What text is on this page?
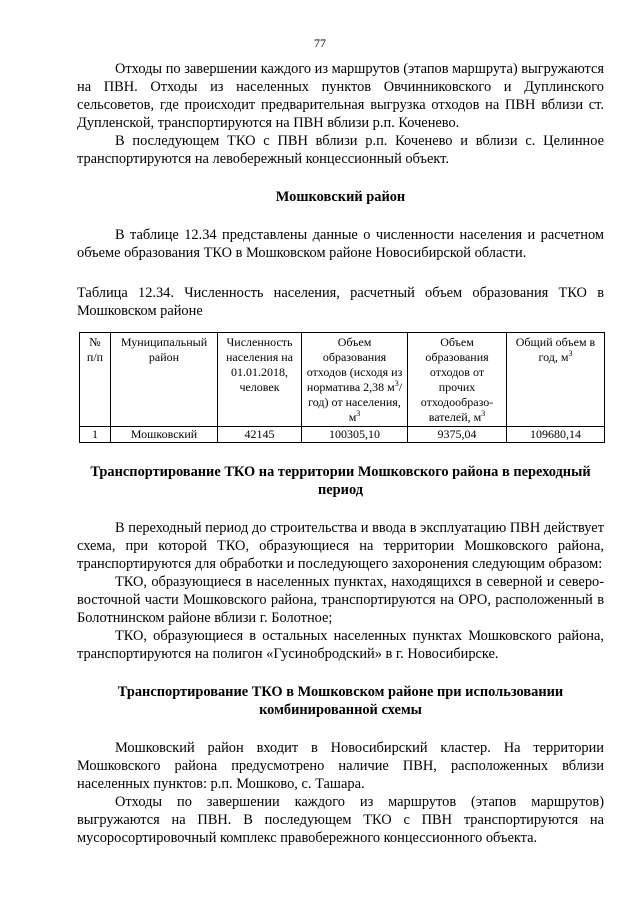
77

Отходы по завершении каждого из маршрутов (этапов маршрута) выгружаются на ПВН. Отходы из населенных пунктов Овчинниковского и Дуплинского сельсоветов, где происходит предварительная выгрузка отходов на ПВН вблизи ст. Дупленской, транспортируются на ПВН вблизи р.п. Коченево.

В последующем ТКО с ПВН вблизи р.п. Коченево и вблизи с. Целинное транспортируются на левобережный концессионный объект.

Мошковский район

В таблице 12.34 представлены данные о численности населения и расчетном объеме образования ТКО в Мошковском районе Новосибирской области.

Таблица 12.34. Численность населения, расчетный объем образования ТКО в Мошковском районе

№ п/п	Муниципальный район	Численность населения на 01.01.2018, человек	Объем образования отходов (исходя из норматива 2,38 $м^3/год$) от населения, $м^3$	Объем образования отходов от прочих отходообразо-вателей, $м^3$	Общий объем в год, $м^3$
1	Мошковский	42145	100305,10	9375,04	109680,14

Транспортирование ТКО на территории Мошковского района в переходный период

В переходный период до строительства и ввода в эксплуатацию ПВН действует схема, при которой ТКО, образующиеся на территории Мошковского района, транспортируются для обработки и последующего захоронения следующим образом:

ТКО, образующиеся в населенных пунктах, находящихся в северной и северо-восточной части Мошковского района, транспортируются на ОРО, расположенный в Болотнинском районе вблизи г. Болотное;

ТКО, образующиеся в остальных населенных пунктах Мошковского района, транспортируются на полигон «Гусинобродский» в г. Новосибирске.

Транспортирование ТКО в Мошковском районе при использовании комбинированной схемы

Мошковский район входит в Новосибирский кластер. На территории Мошковского района предусмотрено наличие ПВН, расположенных вблизи населенных пунктов: р.п. Мошково, с. Ташара.

Отходы по завершении каждого из маршрутов (этапов маршрутов) выгружаются на ПВН. В последующем ТКО с ПВН транспортируются на мусоросортировочный комплекс правобережного концессионного объекта.
